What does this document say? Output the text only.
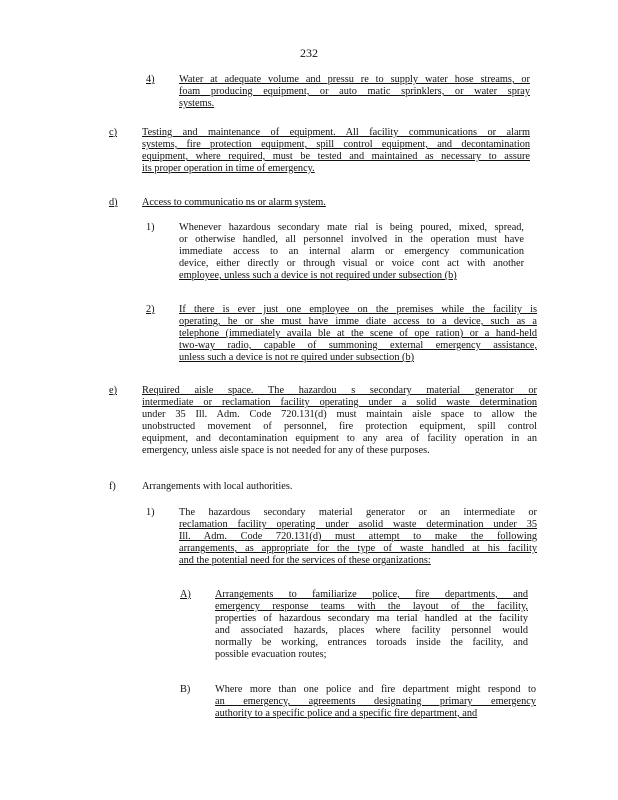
232
4) Water at adequate volume and pressu re to supply water hose streams, or
foam producing equipment, or auto matic sprinklers, or water spray
systems.
c) Testing and maintenance of equipment. All facility communications or alarm
systems, fire protection equipment, spill control equipment, and decontamination
equipment, where required, must be tested and maintained as necessary to assure
its proper operation in time of emergency.
d) Access to communicatio ns or alarm system.
1) Whenever hazardous secondary mate rial is being poured, mixed, spread,
or otherwise handled, all personnel involved in the operation must have
immediate access to an internal alarm or emergency communication
device, either directly or through visual or voice cont act with another
employee, unless such a device is not required under subsection (b)
2) If there is ever just one employee on the premises while the facility is
operating, he or she must have imme diate access to a device, such as a
telephone (immediately availa ble at the scene of ope ration) or a hand-held
two-way radio, capable of summoning external emergency assistance,
unless such a device is not re quired under subsection (b)
e) Required aisle space. The hazardou s secondary material generator or
intermediate or reclamation facility operating under a solid waste determination
under 35 Ill. Adm. Code 720.131(d) must maintain aisle space to allow the
unobstructed movement of personnel, fire protection equipment, spill control
equipment, and decontamination equipment to any area of facility operation in an
emergency, unless aisle space is not needed for any of these purposes.
f)	Arrangements with local authorities.
1) The hazardous secondary material generator or an intermediate or
reclamation facility operating under asolid waste determination under 35
Ill. Adm. Code 720.131(d) must attempt to make the following
arrangements, as appropriate for the type of waste handled at his facility
and the potential need for the services of these organizations:
A) Arrangements to familiarize police, fire departments, and
emergency response teams with the layout of the facility,
properties of hazardous secondary ma terial handled at the facility
and associated hazards, places where facility personnel would
normally be working, entrances toroads inside the facility, and
possible evacuation routes;
B) Where more than one police and fire department might respond to
an emergency, agreements designating primary emergency
authority to a specific police and a specific fire department, and
